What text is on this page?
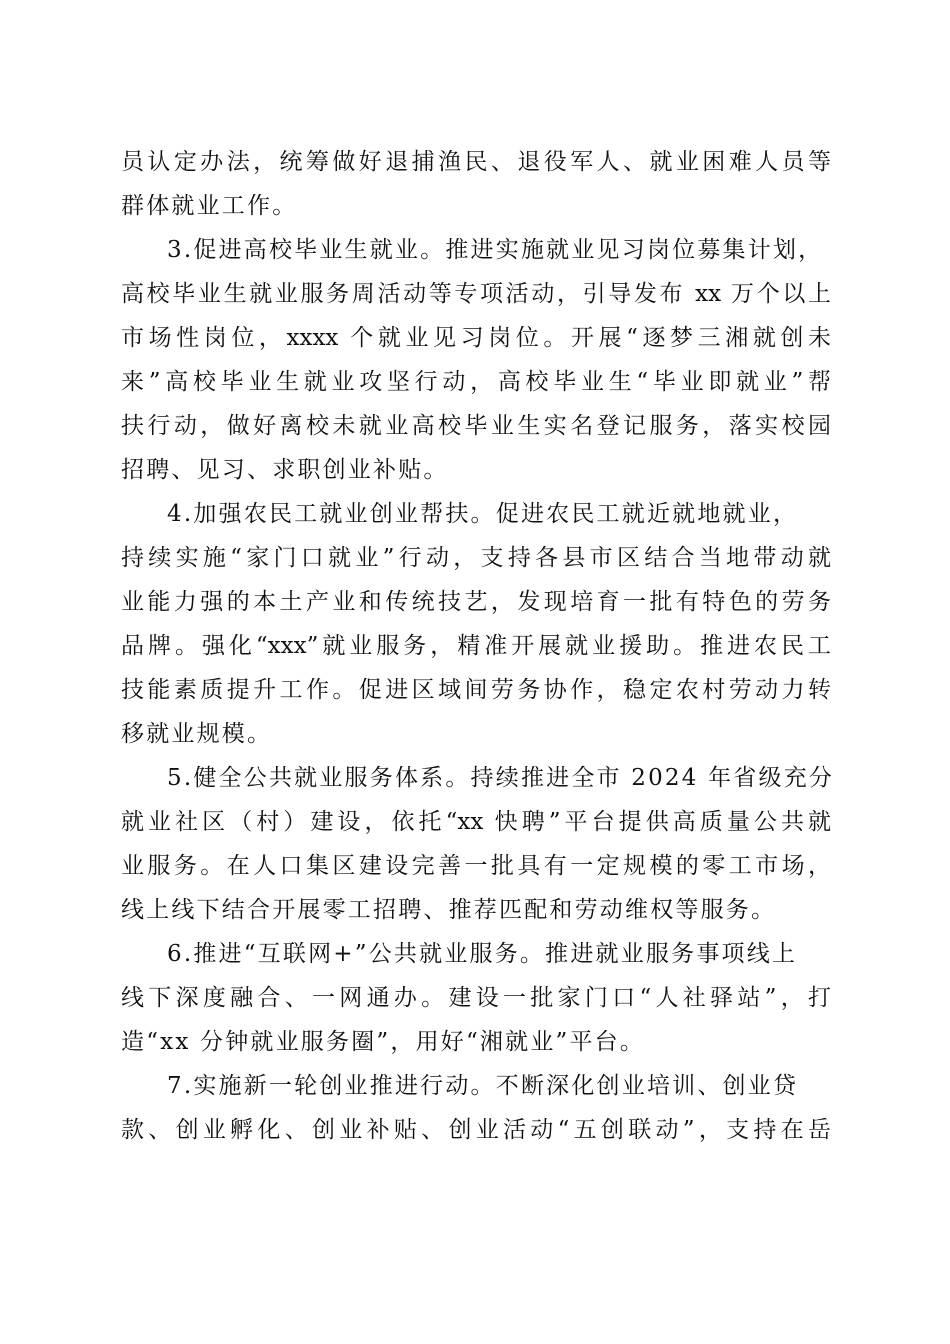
员认定办法，统筹做好退捕渔民、退役军人、就业困难人员等
群体就业工作。
3.促进高校毕业生就业。推进实施就业见习岗位募集计划，
高校毕业生就业服务周活动等专项活动，引导发布 xx 万个以上
市场性岗位，xxxx 个就业见习岗位。开展“逐梦三湘就创未
来”高校毕业生就业攻坚行动，高校毕业生“毕业即就业”帮
扶行动，做好离校未就业高校毕业生实名登记服务，落实校园
招聘、见习、求职创业补贴。
4.加强农民工就业创业帮扶。促进农民工就近就地就业，
持续实施“家门口就业”行动，支持各县市区结合当地带动就
业能力强的本土产业和传统技艺，发现培育一批有特色的劳务
品牌。强化“xxx”就业服务，精准开展就业援助。推进农民工
技能素质提升工作。促进区域间劳务协作，稳定农村劳动力转
移就业规模。
5.健全公共就业服务体系。持续推进全市 2024 年省级充分
就业社区（村）建设，依托“xx 快聘”平台提供高质量公共就
业服务。在人口集区建设完善一批具有一定规模的零工市场，
线上线下结合开展零工招聘、推荐匹配和劳动维权等服务。
6.推进“互联网+”公共就业服务。推进就业服务事项线上
线下深度融合、一网通办。建设一批家门口“人社驿站”，打
造“xx 分钟就业服务圈”，用好“湘就业”平台。
7.实施新一轮创业推进行动。不断深化创业培训、创业贷
款、创业孵化、创业补贴、创业活动“五创联动”，支持在岳
